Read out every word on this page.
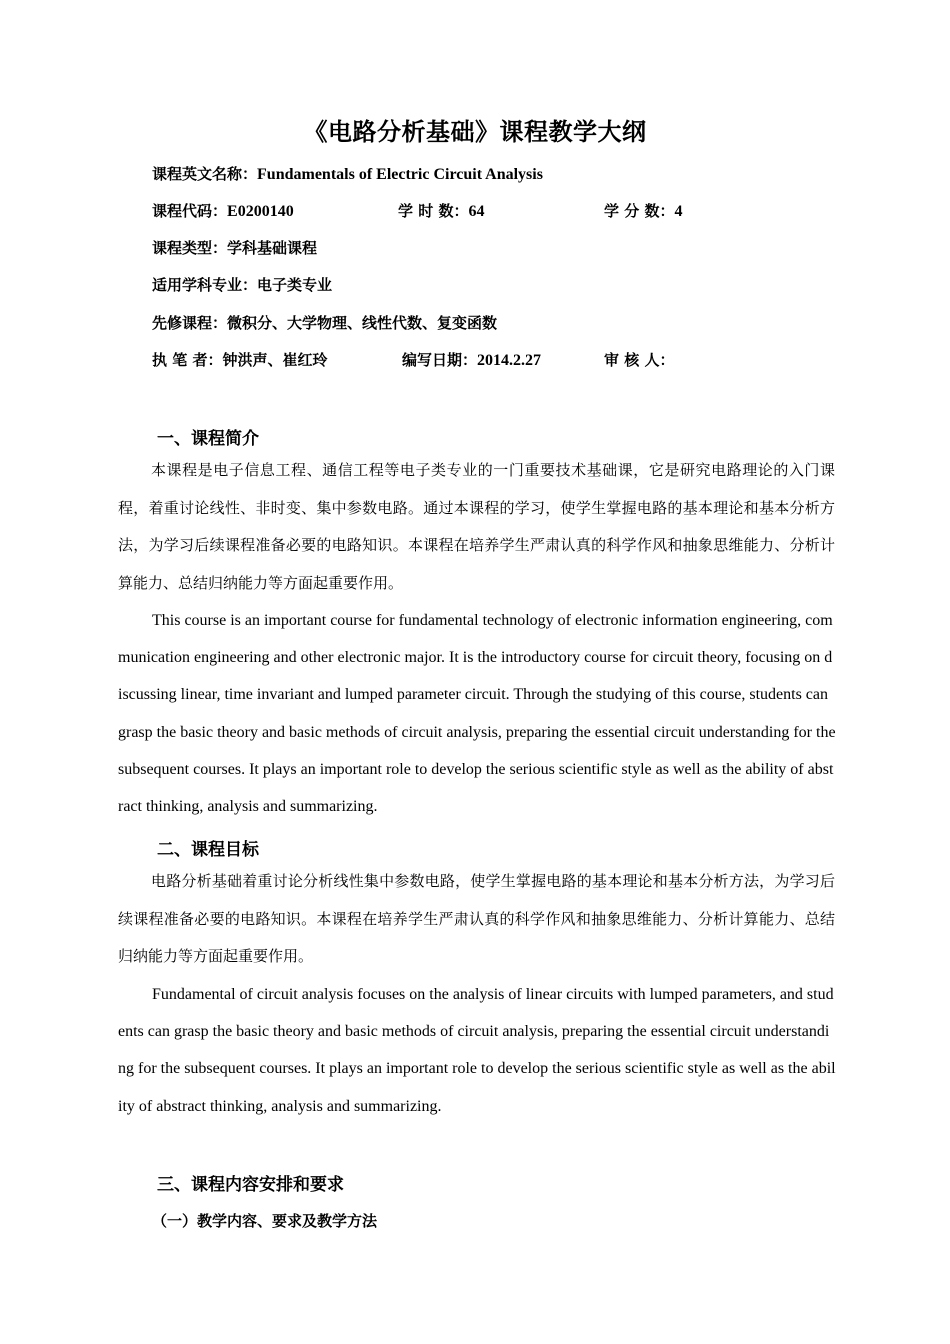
《电路分析基础》课程教学大纲
课程英文名称：Fundamentals of Electric Circuit Analysis
课程代码：E0200140	学 时 数：64	学 分 数：4
课程类型：学科基础课程
适用学科专业：电子类专业
先修课程：微积分、大学物理、线性代数、复变函数
执 笔 者：钟洪声、崔红玲	编写日期：2014.2.27	审 核 人：
一、课程简介
本课程是电子信息工程、通信工程等电子类专业的一门重要技术基础课，它是研究电路理论的入门课程，着重讨论线性、非时变、集中参数电路。通过本课程的学习，使学生掌握电路的基本理论和基本分析方法，为学习后续课程准备必要的电路知识。本课程在培养学生严肃认真的科学作风和抽象思维能力、分析计算能力、总结归纳能力等方面起重要作用。
This course is an important course for fundamental technology of electronic information engineering, communication engineering and other electronic major. It is the introductory course for circuit theory, focusing on discussing linear, time invariant and lumped parameter circuit. Through the studying of this course, students can grasp the basic theory and basic methods of circuit analysis, preparing the essential circuit understanding for the subsequent courses. It plays an important role to develop the serious scientific style as well as the ability of abstract thinking, analysis and summarizing.
二、课程目标
电路分析基础着重讨论分析线性集中参数电路，使学生掌握电路的基本理论和基本分析方法，为学习后续课程准备必要的电路知识。本课程在培养学生严肃认真的科学作风和抽象思维能力、分析计算能力、总结归纳能力等方面起重要作用。
Fundamental of circuit analysis focuses on the analysis of linear circuits with lumped parameters, and students can grasp the basic theory and basic methods of circuit analysis, preparing the essential circuit understanding for the subsequent courses. It plays an important role to develop the serious scientific style as well as the ability of abstract thinking, analysis and summarizing.
三、课程内容安排和要求
（一）教学内容、要求及教学方法
